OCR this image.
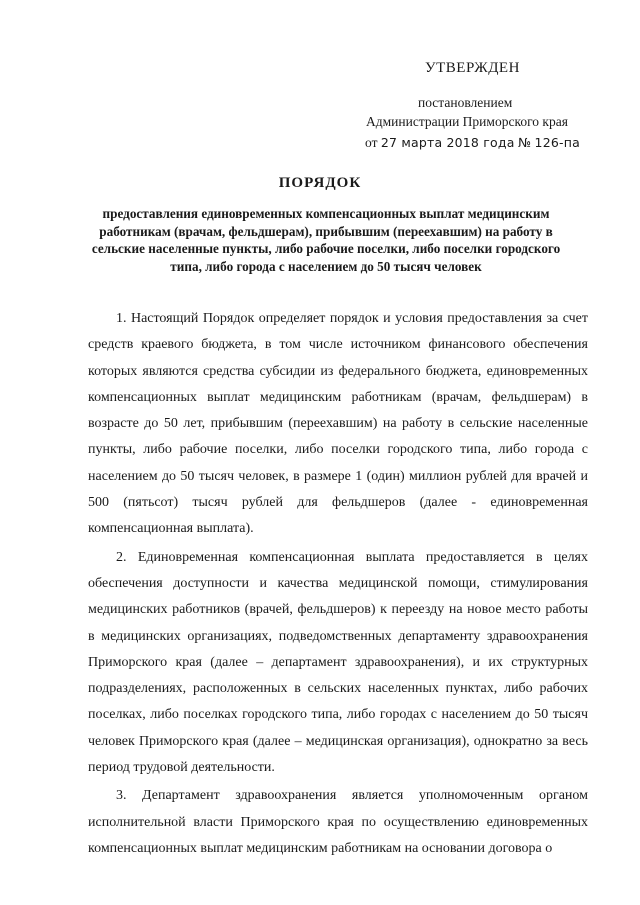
УТВЕРЖДЕН
постановлением
Администрации Приморского края
от 27 марта 2018 года № 126-па
ПОРЯДОК
предоставления единовременных компенсационных выплат медицинским работникам (врачам, фельдшерам), прибывшим (переехавшим) на работу в сельские населенные пункты, либо рабочие поселки, либо поселки городского типа, либо города с населением до 50 тысяч человек

1. Настоящий Порядок определяет порядок и условия предоставления за счет средств краевого бюджета, в том числе источником финансового обеспечения которых являются средства субсидии из федерального бюджета, единовременных компенсационных выплат медицинским работникам (врачам, фельдшерам) в возрасте до 50 лет, прибывшим (переехавшим) на работу в сельские населенные пункты, либо рабочие поселки, либо поселки городского типа, либо города с населением до 50 тысяч человек, в размере 1 (один) миллион рублей для врачей и 500 (пятьсот) тысяч рублей для фельдшеров (далее - единовременная компенсационная выплата).

2. Единовременная компенсационная выплата предоставляется в целях обеспечения доступности и качества медицинской помощи, стимулирования медицинских работников (врачей, фельдшеров) к переезду на новое место работы в медицинских организациях, подведомственных департаменту здравоохранения Приморского края (далее – департамент здравоохранения), и их структурных подразделениях, расположенных в сельских населенных пунктах, либо рабочих поселках, либо поселках городского типа, либо городах с населением до 50 тысяч человек Приморского края (далее – медицинская организация), однократно за весь период трудовой деятельности.

3. Департамент здравоохранения является уполномоченным органом исполнительной власти Приморского края по осуществлению единовременных компенсационных выплат медицинским работникам на основании договора о
